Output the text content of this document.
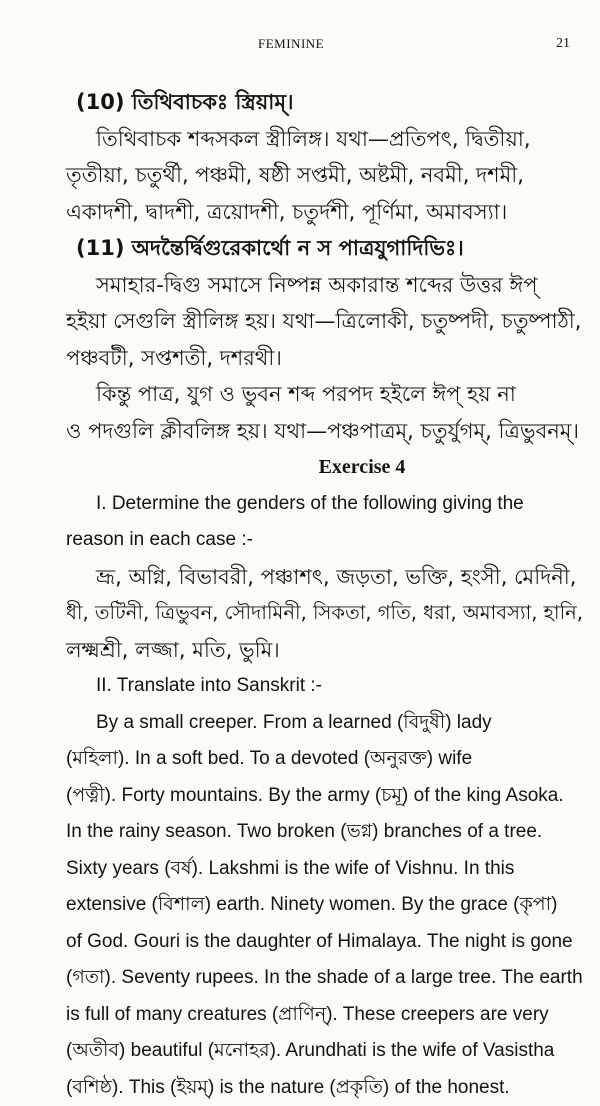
FEMININE	21
(10) তিথিবাচকঃ স্ত্রিয়াম্।
তিথিবাচক শব্দসকল স্ত্রীলিঙ্গ। যথা—প্রতিপৎ, দ্বিতীয়া,
তৃতীয়া, চতুর্থী, পঞ্চমী, ষষ্ঠী সপ্তমী, অষ্টমী, নবমী, দশমী,
একাদশী, দ্বাদশী, ত্রয়োদশী, চতুর্দশী, পূর্ণিমা, অমাবস্যা।
(11) অদন্তৈর্দ্বিগুরেকার্থো ন স পাত্রযুগাদিভিঃ।
সমাহার-দ্বিগু সমাসে নিষ্পন্ন অকারান্ত শব্দের উত্তর ঈপ্
হইয়া সেগুলি স্ত্রীলিঙ্গ হয়। যথা—ত্রিলোকী, চতুষ্পদী, চতুষ্পাঠী,
পঞ্চবটী, সপ্তশতী, দশরথী।
কিন্তু পাত্র, যুগ ও ভুবন শব্দ পরপদ হইলে ঈপ্ হয় না
ও পদগুলি ক্লীবলিঙ্গ হয়। যথা—পঞ্চপাত্রম্, চতুর্যুগম্, ত্রিভুবনম্।
Exercise 4
I. Determine the genders of the following giving the
reason in each case :-
ভ্রূ, অগ্নি, বিভাবরী, পঞ্চাশৎ, জড়তা, ভক্তি, হংসী, মেদিনী,
ধী, তটিনী, ত্রিভুবন, সৌদামিনী, সিকতা, গতি, ধরা, অমাবস্যা, হানি,
লক্ষ্মশ্রী, লজ্জা, মতি, ভুমি।
II. Translate into Sanskrit :-
By a small creeper. From a learned (বিদুষী) lady
(মহিলা). In a soft bed. To a devoted (অনুরক্ত) wife
(পত্নী). Forty mountains. By the army (চমূ) of the king Asoka.
In the rainy season. Two broken (ভগ্ন) branches of a tree.
Sixty years (বর্ষ). Lakshmi is the wife of Vishnu. In this
extensive (বিশাল) earth. Ninety women. By the grace (কৃপা)
of God. Gouri is the daughter of Himalaya. The night is gone
(গতা). Seventy rupees. In the shade of a large tree. The earth
is full of many creatures (প্রাণিন্). These creepers are very
(অতীব) beautiful (মনোহর). Arundhati is the wife of Vasistha
(বশিষ্ঠ). This (ইয়ম্) is the nature (প্রকৃতি) of the honest.
